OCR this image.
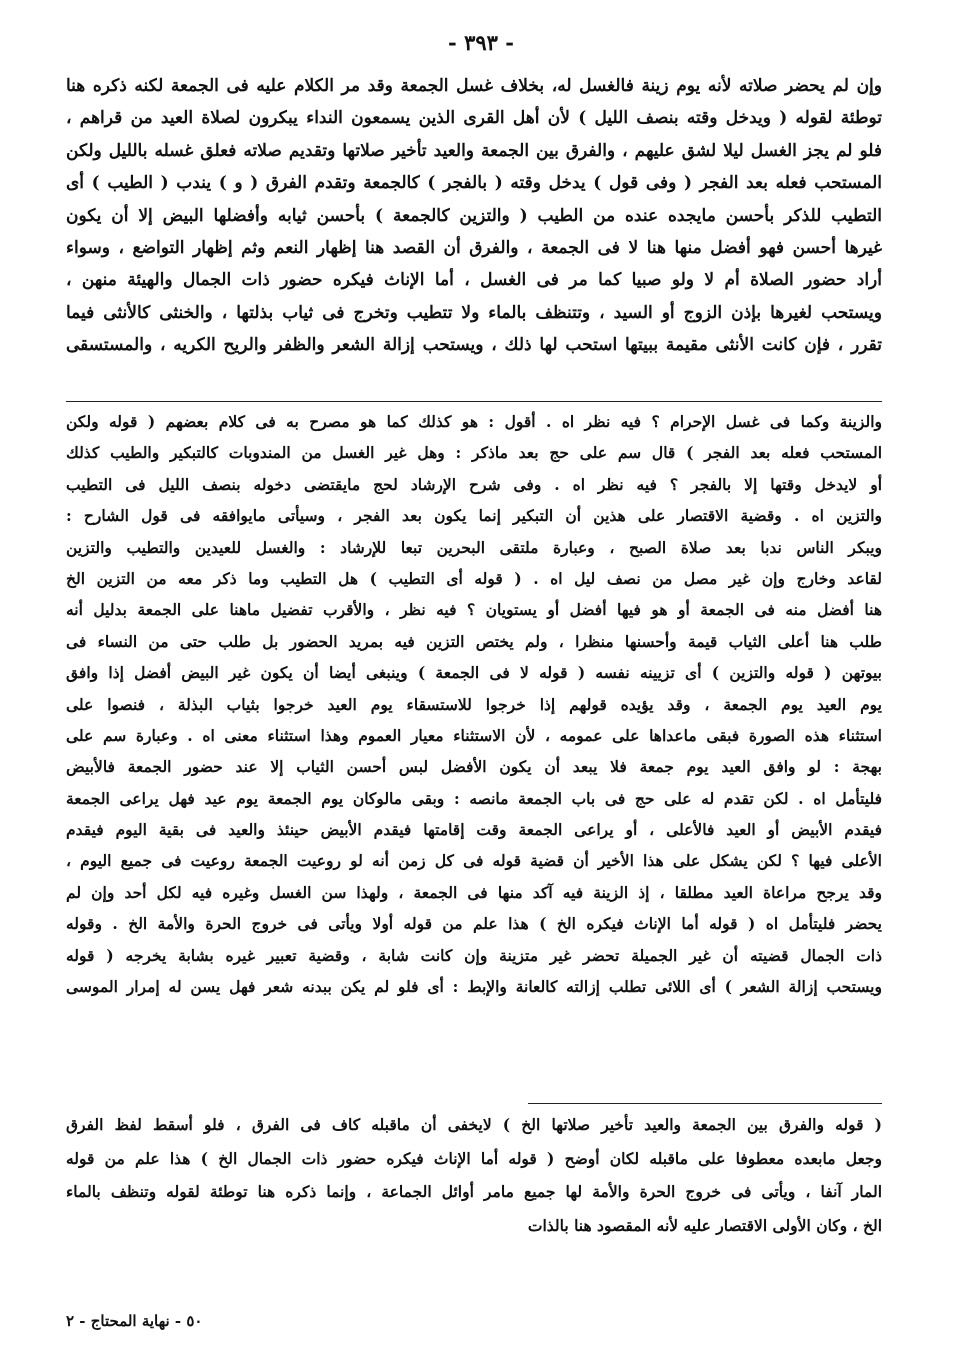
- ٣٩٣ -
وإن لم يحضر صلاته لأنه يوم زينة فالغسل له، بخلاف غسل الجمعة وقد مر الكلام عليه فى الجمعة لكنه ذكره هنا
توطئة لقوله ( ويدخل وقته بنصف الليل ) لأن أهل القرى الذين يسمعون النداء يبكرون لصلاة العيد من قراهم ،
فلو لم يجز الغسل ليلا لشق عليهم ، والفرق بين الجمعة والعيد تأخير صلاتها وتقديم صلاته فعلق غسله بالليل ولكن
المستحب فعله بعد الفجر ( وفى قول ) يدخل وقته ( بالفجر ) كالجمعة وتقدم الفرق ( و ) يندب ( الطيب ) أى
التطيب للذكر بأحسن مايجده عنده من الطيب ( والتزين كالجمعة ) بأحسن ثيابه وأفضلها البيض إلا أن يكون
غيرها أحسن فهو أفضل منها هنا لا فى الجمعة ، والفرق أن القصد هنا إظهار النعم وثم إظهار التواضع ، وسواء
أراد حضور الصلاة أم لا ولو صبيا كما مر فى الغسل ، أما الإناث فيكره حضور ذات الجمال والهيئة منهن ،
ويستحب لغيرها بإذن الزوج أو السيد ، وتتنظف بالماء ولا تتطيب وتخرج فى ثياب بذلتها ، والخنثى كالأنثى فيما
تقرر ، فإن كانت الأنثى مقيمة ببيتها استحب لها ذلك ، ويستحب إزالة الشعر والظفر والريح الكريه ، والمستسقى
والزينة وكما فى غسل الإحرام ؟ فيه نظر اه . أقول : هو كذلك كما هو مصرح به فى كلام بعضهم ( قوله ولكن
المستحب فعله بعد الفجر ) قال سم على حج بعد ماذكر : وهل غير الغسل من المندوبات كالتبكير والطيب كذلك
أو لايدخل وقتها إلا بالفجر ؟ فيه نظر اه . وفى شرح الإرشاد لحج مايقتضى دخوله بنصف الليل فى التطيب
والتزين اه . وقضية الاقتصار على هذين أن التبكير إنما يكون بعد الفجر ، وسيأتى مايوافقه فى قول الشارح :
ويبكر الناس ندبا بعد صلاة الصبح ، وعبارة ملتقى البحرين تبعا للإرشاد : والغسل للعيدين والتطيب والتزين
لقاعد وخارج وإن غير مصل من نصف ليل اه . ( قوله أى التطيب ) هل التطيب وما ذكر معه من التزين الخ
هنا أفضل منه فى الجمعة أو هو فيها أفضل أو يستويان ؟ فيه نظر ، والأقرب تفضيل ماهنا على الجمعة بدليل أنه
طلب هنا أعلى الثياب قيمة وأحسنها منظرا ، ولم يختص التزين فيه بمريد الحضور بل طلب حتى من النساء فى
بيوتهن ( قوله والتزين ) أى تزيينه نفسه ( قوله لا فى الجمعة ) وينبغى أيضا أن يكون غير البيض أفضل إذا وافق
يوم العيد يوم الجمعة ، وقد يؤيده قولهم إذا خرجوا للاستسقاء يوم العيد خرجوا بثياب البذلة ، فنصوا على
استثناء هذه الصورة فبقى ماعداها على عمومه ، لأن الاستثناء معيار العموم وهذا استثناء معنى اه . وعبارة سم على
بهجة : لو وافق العيد يوم جمعة فلا يبعد أن يكون الأفضل لبس أحسن الثياب إلا عند حضور الجمعة فالأبيض
فليتأمل اه . لكن تقدم له على حج فى باب الجمعة مانصه : وبقى مالوكان يوم الجمعة يوم عيد فهل يراعى الجمعة
فيقدم الأبيض أو العيد فالأعلى ، أو يراعى الجمعة وقت إقامتها فيقدم الأبيض حينئذ والعيد فى بقية اليوم فيقدم
الأعلى فيها ؟ لكن يشكل على هذا الأخير أن قضية قوله فى كل زمن أنه لو روعيت الجمعة روعيت فى جميع اليوم ،
وقد يرجح مراعاة العيد مطلقا ، إذ الزينة فيه آكد منها فى الجمعة ، ولهذا سن الغسل وغيره فيه لكل أحد وإن لم
يحضر فليتأمل اه ( قوله أما الإناث فيكره الخ ) هذا علم من قوله أولا ويأتى فى خروج الحرة والأمة الخ . وقوله
ذات الجمال قضيته أن غير الجميلة تحضر غير متزينة وإن كانت شابة ، وقضية تعبير غيره بشابة يخرجه ( قوله
ويستحب إزالة الشعر ) أى اللائى تطلب إزالته كالعانة والإبط : أى فلو لم يكن ببدنه شعر فهل يسن له إمرار الموسى
( قوله والفرق بين الجمعة والعيد تأخير صلاتها الخ ) لايخفى أن ماقبله كاف فى الفرق ، فلو أسقط لفظ الفرق
وجعل مابعده معطوفا على ماقبله لكان أوضح ( قوله أما الإناث فيكره حضور ذات الجمال الخ ) هذا علم من قوله
المار آنفا ، ويأتى فى خروج الحرة والأمة لها جميع مامر أوائل الجماعة ، وإنما ذكره هنا توطئة لقوله وتنظف بالماء
الخ ، وكان الأولى الاقتصار عليه لأنه المقصود هنا بالذات
٥٠ - نهاية المحتاج - ٢
